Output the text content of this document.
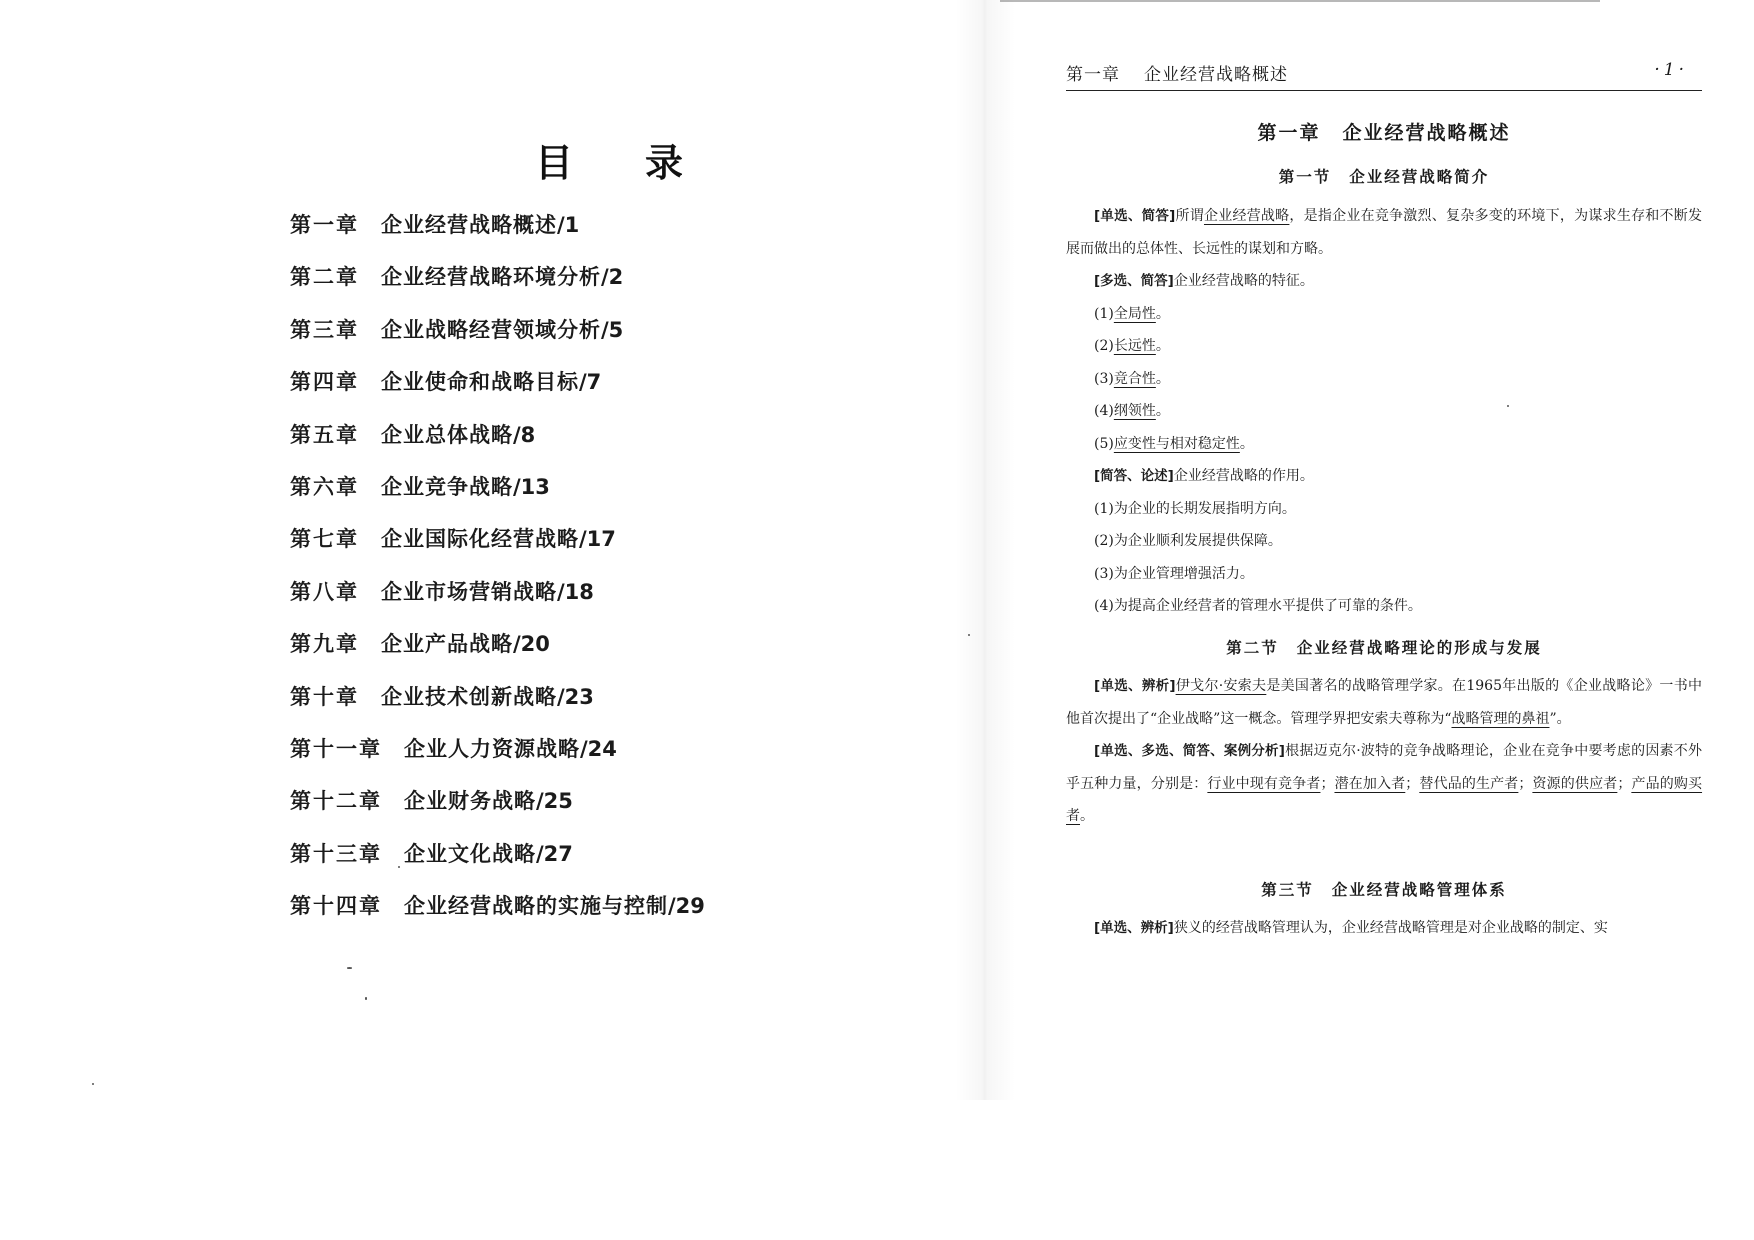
目 录
第一章 企业经营战略概述/1
第二章 企业经营战略环境分析/2
第三章 企业战略经营领域分析/5
第四章 企业使命和战略目标/7
第五章 企业总体战略/8
第六章 企业竞争战略/13
第七章 企业国际化经营战略/17
第八章 企业市场营销战略/18
第九章 企业产品战略/20
第十章 企业技术创新战略/23
第十一章 企业人力资源战略/24
第十二章 企业财务战略/25
第十三章 企业文化战略/27
第十四章 企业经营战略的实施与控制/29
第一章 企业经营战略概述	·1·
第一章 企业经营战略概述
第一节 企业经营战略简介

[单选、简答]所谓企业经营战略，是指企业在竞争激烈、复杂多变的环境下，为谋求生存和不断发展而做出的总体性、长远性的谋划和方略。

[多选、简答]企业经营战略的特征。

(1)全局性。

(2)长远性。

(3)竞合性。

(4)纲领性。

(5)应变性与相对稳定性。

[简答、论述]企业经营战略的作用。

(1)为企业的长期发展指明方向。

(2)为企业顺利发展提供保障。

(3)为企业管理增强活力。

(4)为提高企业经营者的管理水平提供了可靠的条件。

第二节 企业经营战略理论的形成与发展

[单选、辨析]伊戈尔·安索夫是美国著名的战略管理学家。在1965年出版的《企业战略论》一书中他首次提出了“企业战略”这一概念。管理学界把安索夫尊称为“战略管理的鼻祖”。

[单选、多选、简答、案例分析]根据迈克尔·波特的竞争战略理论，企业在竞争中要考虑的因素不外乎五种力量，分别是：行业中现有竞争者；潜在加入者；替代品的生产者；资源的供应者；产品的购买者。

第三节 企业经营战略管理体系

[单选、辨析]狭义的经营战略管理认为，企业经营战略管理是对企业战略的制定、实
